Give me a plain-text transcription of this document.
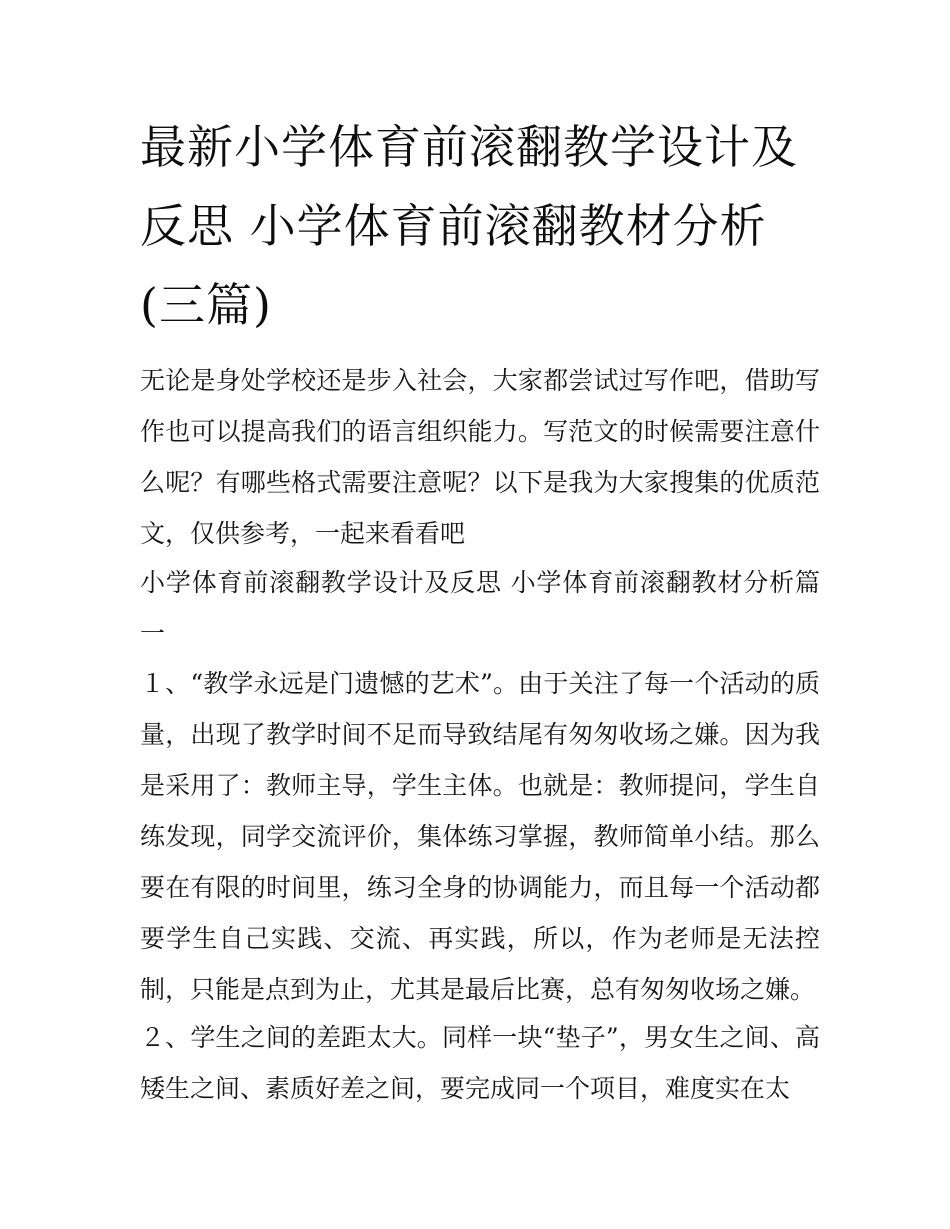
最新小学体育前滚翻教学设计及反思 小学体育前滚翻教材分析(三篇)

无论是身处学校还是步入社会，大家都尝试过写作吧，借助写作也可以提高我们的语言组织能力。写范文的时候需要注意什么呢？有哪些格式需要注意呢？以下是我为大家搜集的优质范文，仅供参考，一起来看看吧

小学体育前滚翻教学设计及反思 小学体育前滚翻教材分析篇一

１、“教学永远是门遗憾的艺术”。由于关注了每一个活动的质量，出现了教学时间不足而导致结尾有匆匆收场之嫌。因为我是采用了：教师主导，学生主体。也就是：教师提问，学生自练发现，同学交流评价，集体练习掌握，教师简单小结。那么要在有限的时间里，练习全身的协调能力，而且每一个活动都要学生自己实践、交流、再实践，所以，作为老师是无法控制，只能是点到为止，尤其是最后比赛，总有匆匆收场之嫌。

２、学生之间的差距太大。同样一块“垫子”，男女生之间、高矮生之间、素质好差之间，要完成同一个项目，难度实在太
